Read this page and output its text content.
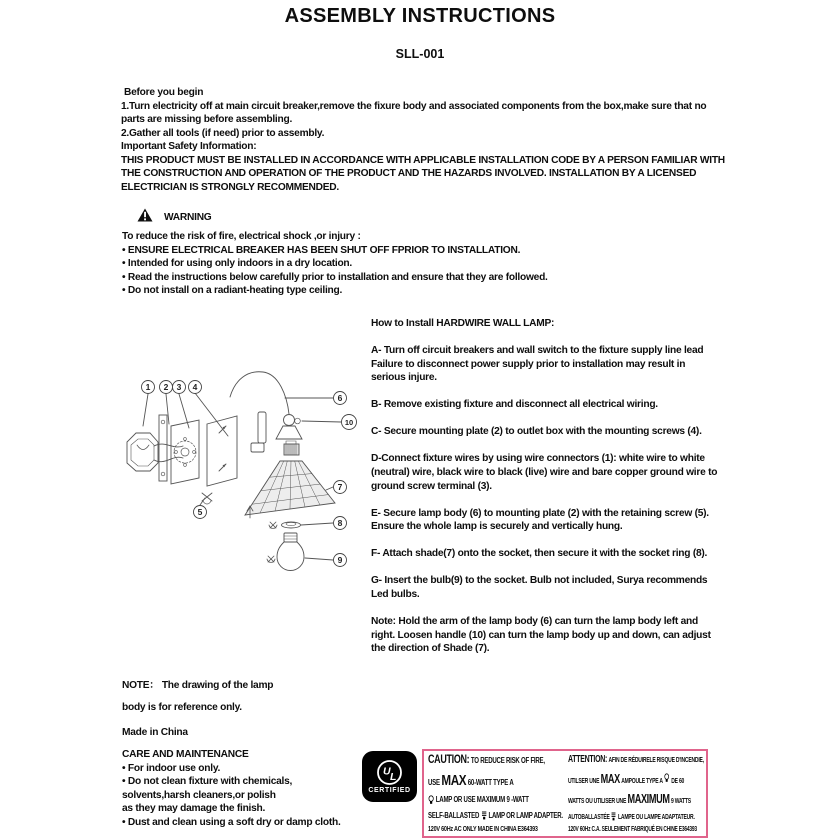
ASSEMBLY INSTRUCTIONS
SLL-001
Before you begin
1.Turn electricity off at main circuit breaker,remove the fixure body and associated components from the box,make sure that no parts are missing before assembling.
2.Gather all tools (if need) prior to assembly.
Important Safety Information:
THIS PRODUCT MUST BE INSTALLED IN ACCORDANCE WITH APPLICABLE INSTALLATION CODE BY A PERSON FAMILIAR WITH THE CONSTRUCTION AND OPERATION OF THE PRODUCT AND THE HAZARDS INVOLVED. INSTALLATION BY A LICENSED ELECTRICIAN IS STRONGLY RECOMMENDED.
WARNING
To reduce the risk of fire, electrical shock ,or injury :
• ENSURE ELECTRICAL BREAKER HAS BEEN SHUT OFF FPRIOR TO INSTALLATION.
• Intended for using only indoors in a dry location.
• Read the instructions below carefully prior to installation and ensure that they are followed.
• Do not install on a radiant-heating type ceiling.
How to Install HARDWIRE WALL LAMP:
A- Turn off circuit breakers and wall switch to the fixture supply line lead Failure to disconnect power supply prior to installation may result in serious injure.
B- Remove existing fixture and disconnect all electrical wiring.
C- Secure mounting plate (2) to outlet box with the mounting screws (4).
D-Connect fixture wires by using wire connectors (1): white wire to white (neutral) wire, black wire to black (live) wire and bare copper ground wire to ground screw terminal (3).
E- Secure lamp body (6) to mounting plate (2) with the retaining screw (5). Ensure the whole lamp is securely and vertically hung.
F- Attach shade(7) onto the socket, then secure it with the socket ring (8).
G- Insert the bulb(9) to the socket. Bulb not included, Surya recommends Led bulbs.
Note: Hold the arm of the lamp body (6) can turn the lamp body left and right. Loosen handle (10) can turn the lamp body up and down, can adjust the direction of Shade (7).
1 2 3 4
5
6
7
8
9
10
NOTE： The drawing of the lamp
body is for reference only.
Made in China
CARE AND MAINTENANCE
• For indoor use only.
• Do not clean fixture with chemicals,
solvents,harsh cleaners,or polish
as they may damage the finish.
• Dust and clean using a soft dry or damp cloth.
U L
CERTIFIED
CAUTION: TO REDUCE RISK OF FIRE,
USE MAX 60-WATT TYPE A
LAMP OR USE MAXIMUM 9 -WATT
SELF-BALLASTED LAMP OR LAMP ADAPTER.
120V 60Hz AC ONLY MADE IN CHINA E364393
ATTENTION: AFIN DE RÉDUIRELE RISQUE D'INCENDIE,
UTILSER UNE MAX AMPOULE TYPE A DE 60
WATTS OU UTILISER UNE MAXIMUM 9 WATTS
AUTOBALLASTÉE LAMPE OU LAMPE ADAPTATEUR.
120V 60Hz C.A. SEULEMENT FABRIQUÉ EN CHINE E364393
